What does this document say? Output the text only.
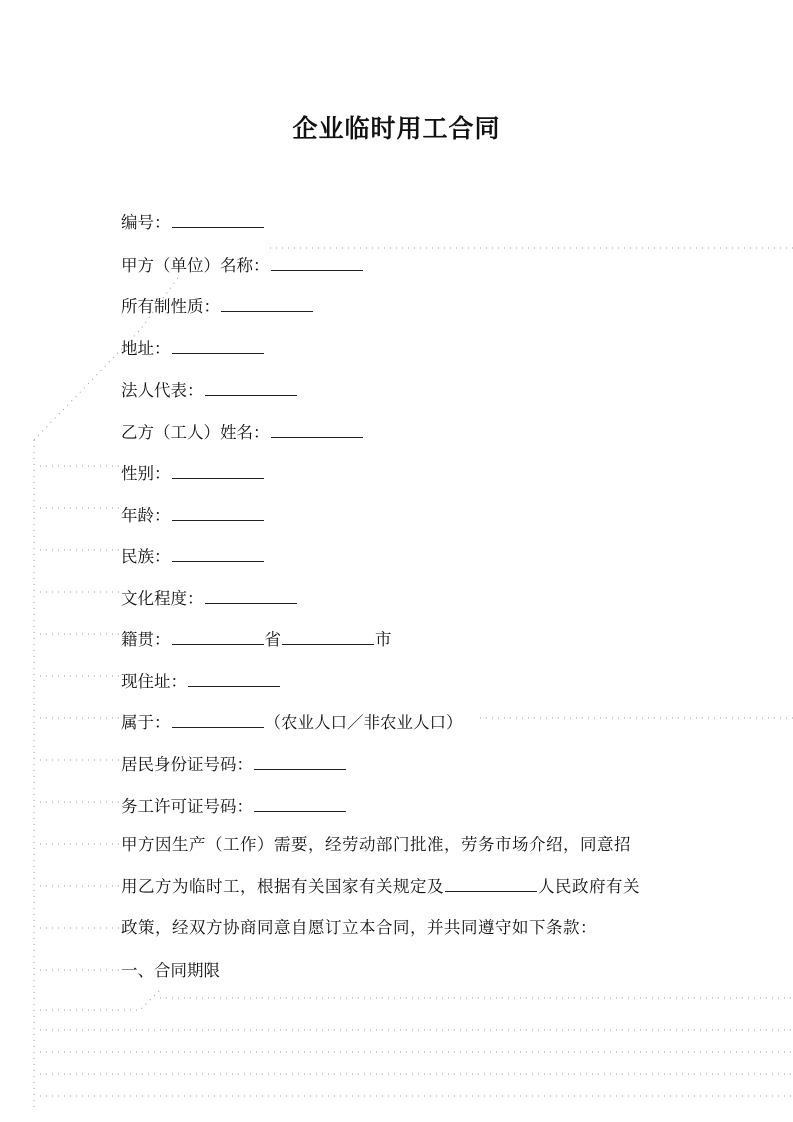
企业临时用工合同
编号：
甲方（单位）名称：
所有制性质：
地址：
法人代表：
乙方（工人）姓名：
性别：
年龄：
民族：
文化程度：
籍贯：	省	市
现住址：
属于：	（农业人口／非农业人口）
居民身份证号码：
务工许可证号码：
甲方因生产（工作）需要，经劳动部门批准，劳务市场介绍，同意招
用乙方为临时工，根据有关国家有关规定及	人民政府有关
政策，经双方协商同意自愿订立本合同，并共同遵守如下条款：
一、合同期限
